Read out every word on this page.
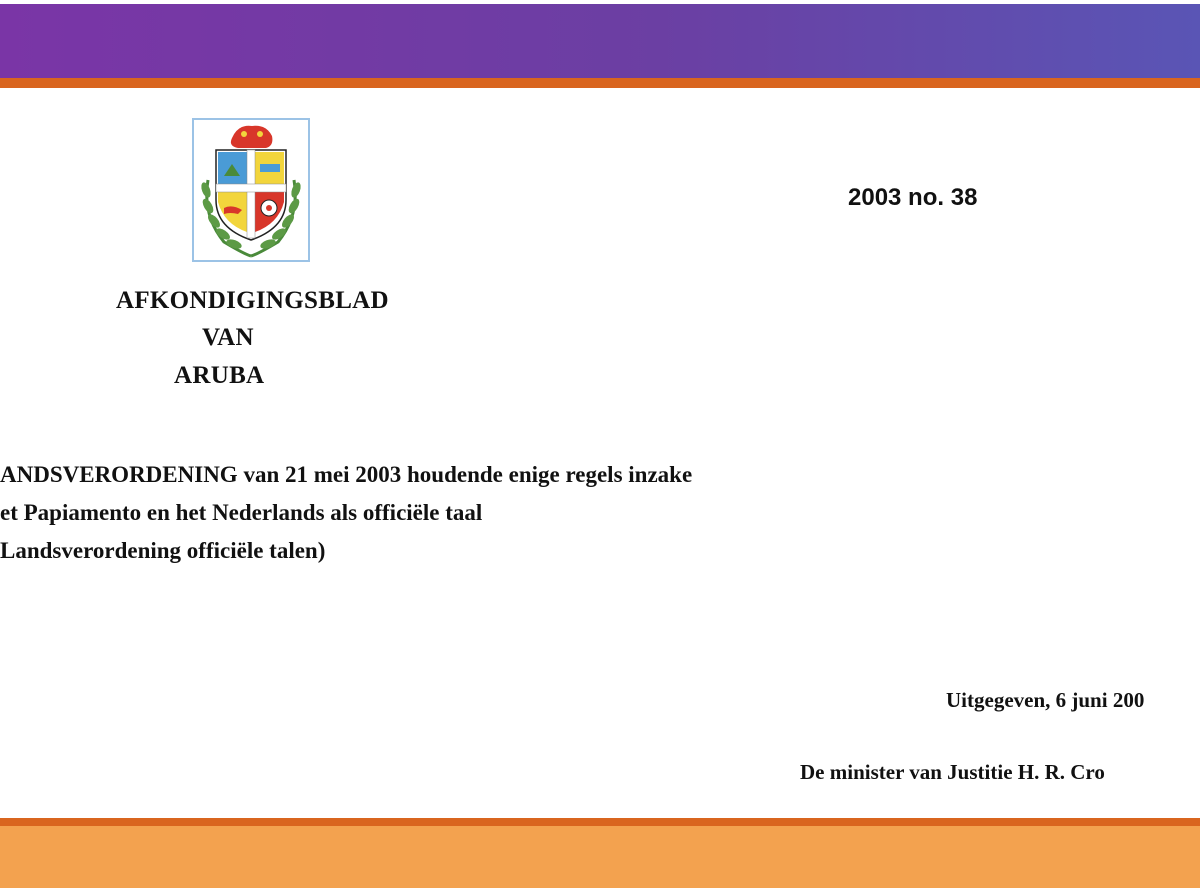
2003 no. 38
AFKONDIGINGSBLAD
VAN
ARUBA
ANDSVERORDENING van 21 mei 2003 houdende enige regels inzake
et Papiamento en het Nederlands als officiële taal
Landsverordening officiële talen)
Uitgegeven, 6 juni 200
De minister van Justitie H. R. Cro
